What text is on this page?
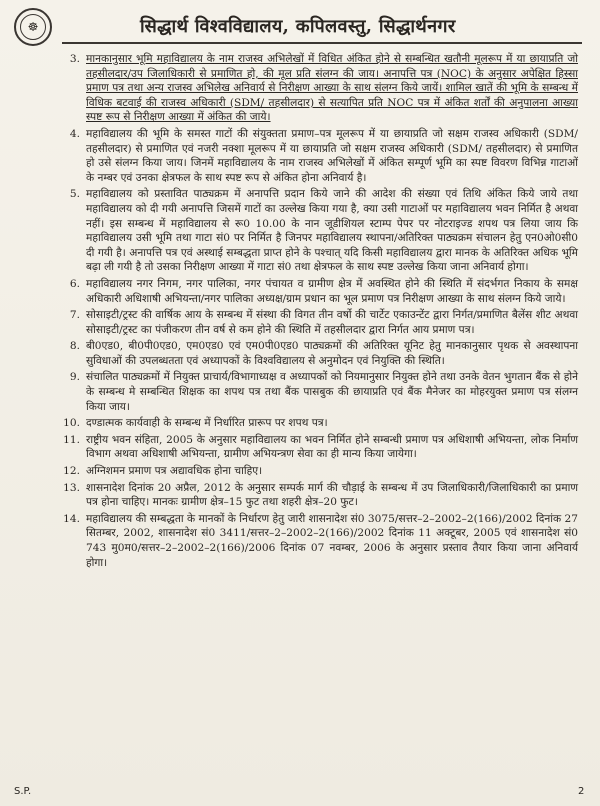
☸	सिद्धार्थ विश्वविद्यालय, कपिलवस्तु, सिद्धार्थनगर
3. मानकानुसार भूमि महाविद्यालय के नाम राजस्व अभिलेखों में विधित अंकित होने से सम्बन्धित खतौनी मूलरूप में या छायाप्रति जो तहसीलदार/उप जिलाधिकारी से प्रमाणित हो, की मूल प्रति संलग्न की जाय। अनापत्ति पत्र (NOC) के अनुसार अपेक्षित हिस्सा प्रमाण पत्र तथा अन्य राजस्व अभिलेख अनिवार्य से निरीक्षण आख्या के साथ संलग्न किये जायें। शामिल खातें की भूमि के सम्बन्ध में विधिक बटवाई की राजस्व अधिकारी (SDM/ तहसीलदार) से सत्यापित प्रति NOC पत्र में अंकित शर्तों की अनुपालना आख्या स्पष्ट रूप से निरीक्षण आख्या में अंकित की जाये।
4. महाविद्यालय की भूमि के समस्त गाटों की संयुक्तता प्रमाण–पत्र मूलरूप में या छायाप्रति जो सक्षम राजस्व अधिकारी (SDM/तहसीलदार) से प्रमाणित एवं नजरी नक्शा मूलरूप में या छायाप्रति जो सक्षम राजस्व अधिकारी (SDM/ तहसीलदार) से प्रमाणित हो उसे संलग्न किया जाय। जिनमें महाविद्यालय के नाम राजस्व अभिलेखों में अंकित सम्पूर्ण भूमि का स्पष्ट विवरण विभिन्न गाटाओं के नम्बर एवं उनका क्षेत्रफल के साथ स्पष्ट रूप से अंकित होना अनिवार्य है।
5. महाविद्यालय को प्रस्तावित पाठ्यक्रम में अनापत्ति प्रदान किये जाने की आदेश की संख्या एवं तिथि अंकित किये जाये तथा महाविद्यालय को दी गयी अनापत्ति जिसमें गाटों का उल्लेख किया गया है, क्या उसी गाटाओं पर महाविद्यालय भवन निर्मित है अथवा नहीं। इस सम्बन्ध में महाविद्यालय से रू0 10.00 के नान जूडीशियल स्टाम्प पेपर पर नोटराइज्ड शपथ पत्र लिया जाय कि महाविद्यालय उसी भूमि तथा गाटा सं0 पर निर्मित है जिनपर महाविद्यालय स्थापना/अतिरिक्त पाठ्यक्रम संचालन हेतु एन0ओ0सी0 दी गयी है। अनापत्ति पत्र एवं अस्थाई सम्बद्धता प्राप्त होने के पश्चात् यदि किसी महाविद्यालय द्वारा मानक के अतिरिक्त अधिक भूमि बढ़ा ली गयी है तो उसका निरीक्षण आख्या में गाटा सं0 तथा क्षेत्रफल के साथ स्पष्ट उल्लेख किया जाना अनिवार्य होगा।
6. महाविद्यालय नगर निगम, नगर पालिका, नगर पंचायत व ग्रामीण क्षेत्र में अवस्थित होने की स्थिति में संदर्भगत निकाय के समक्ष अधिकारी अधिशाषी अभियन्ता/नगर पालिका अध्यक्ष/ग्राम प्रधान का भूल प्रमाण पत्र निरीक्षण आख्या के साथ संलग्न किये जाये।
7. सोसाइटी/ट्रस्ट की वार्षिक आय के सम्बन्ध में संस्था की विगत तीन वर्षो की चार्टेट एकाउन्टेंट द्वारा निर्गत/प्रमाणित बैलेंस शीट अथवा सोसाइटी/ट्रस्ट का पंजीकरण तीन वर्ष से कम होने की स्थिति में तहसीलदार द्वारा निर्गत आय प्रमाण पत्र।
8. बी0एड0, बी0पी0एड0, एम0एड0 एवं एम0पी0एड0 पाठ्यक्रमों की अतिरिक्त यूनिट हेतु मानकानुसार पृथक से अवस्थापना सुविधाओं की उपलब्धतता एवं अध्यापकों के विश्वविद्यालय से अनुमोदन एवं नियुक्ति की स्थिति।
9. संचालित पाठ्यक्रमों में नियुक्त प्राचार्य/विभागाध्यक्ष व अध्यापकों को नियमानुसार नियुक्त होने तथा उनके वेतन भुगतान बैंक से होने के सम्बन्ध मे सम्बन्धित शिक्षक का शपथ पत्र तथा बैंक पासबुक की छायाप्रति एवं बैंक मैनेजर का मोहरयुक्त प्रमाण पत्र संलग्न किया जाय।
10. दण्डात्मक कार्यवाही के सम्बन्ध में निर्धारित प्रारूप पर शपथ पत्र।
11. राष्ट्रीय भवन संहिता, 2005 के अनुसार महाविद्यालय का भवन निर्मित होने सम्बन्धी प्रमाण पत्र अधिशाषी अभियन्ता, लोक निर्माण विभाग अथवा अधिशाषी अभियन्ता, ग्रामीण अभियन्त्रण सेवा का ही मान्य किया जायेगा।
12. अग्निशमन प्रमाण पत्र अद्यावधिक होना चाहिए।
13. शासनादेश दिनांक 20 अप्रैल, 2012 के अनुसार सम्पर्क मार्ग की चौड़ाई के सम्बन्ध में उप जिलाधिकारी/जिलाधिकारी का प्रमाण पत्र होना चाहिए। मानकः ग्रामीण क्षेत्र–15 फुट तथा शहरी क्षेत्र–20 फुट।
14. महाविद्यालय की सम्बद्धता के मानकों के निर्धारण हेतु जारी शासनादेश सं0 3075/सत्तर–2–2002–2(166)/2002 दिनांक 27 सितम्बर, 2002, शासनादेश सं0 3411/सत्तर–2–2002–2(166)/2002 दिनांक 11 अक्टूबर, 2005 एवं शासनादेश सं0 743 मु0म0/सत्तर–2–2002–2(166)/2006 दिनांक 07 नवम्बर, 2006 के अनुसार प्रस्ताव तैयार किया जाना अनिवार्य होगा।
S.P.	2
